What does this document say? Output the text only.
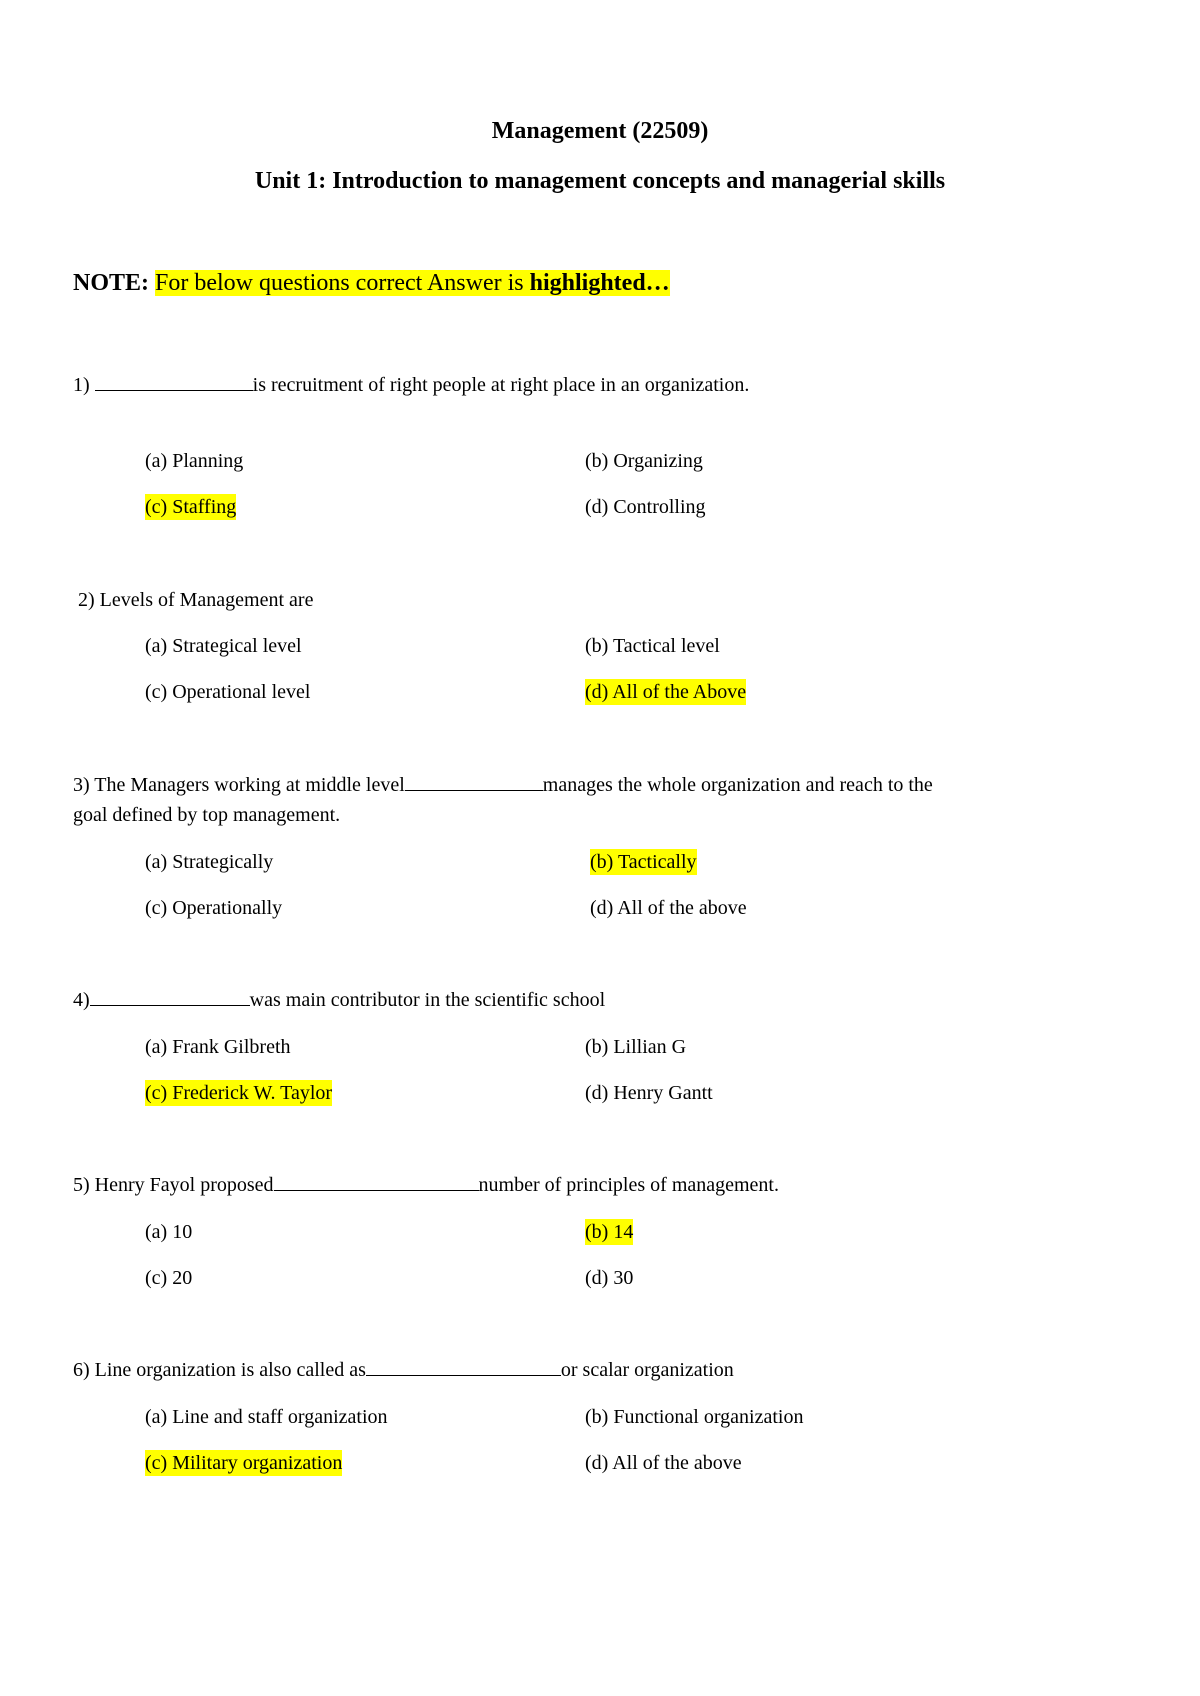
Management (22509)
Unit 1: Introduction to management concepts and managerial skills
NOTE: For below questions correct Answer is highlighted…
1)	is recruitment of right people at right place in an organization.
(a) Planning	(b) Organizing
(c) Staffing	(d) Controlling
2) Levels of Management are
(a) Strategical level	(b) Tactical level
(c) Operational level	(d) All of the Above
3) The Managers working at middle level	manages the whole organization and reach to the
goal defined by top management.
(a) Strategically	(b) Tactically
(c) Operationally	(d) All of the above
4)	was main contributor in the scientific school
(a) Frank Gilbreth	(b) Lillian G
(c) Frederick W. Taylor	(d) Henry Gantt
5) Henry Fayol proposed	number of principles of management.
(a) 10	(b) 14
(c) 20	(d) 30
6) Line organization is also called as	or scalar organization
(a) Line and staff organization	(b) Functional organization
(c) Military organization	(d) All of the above
